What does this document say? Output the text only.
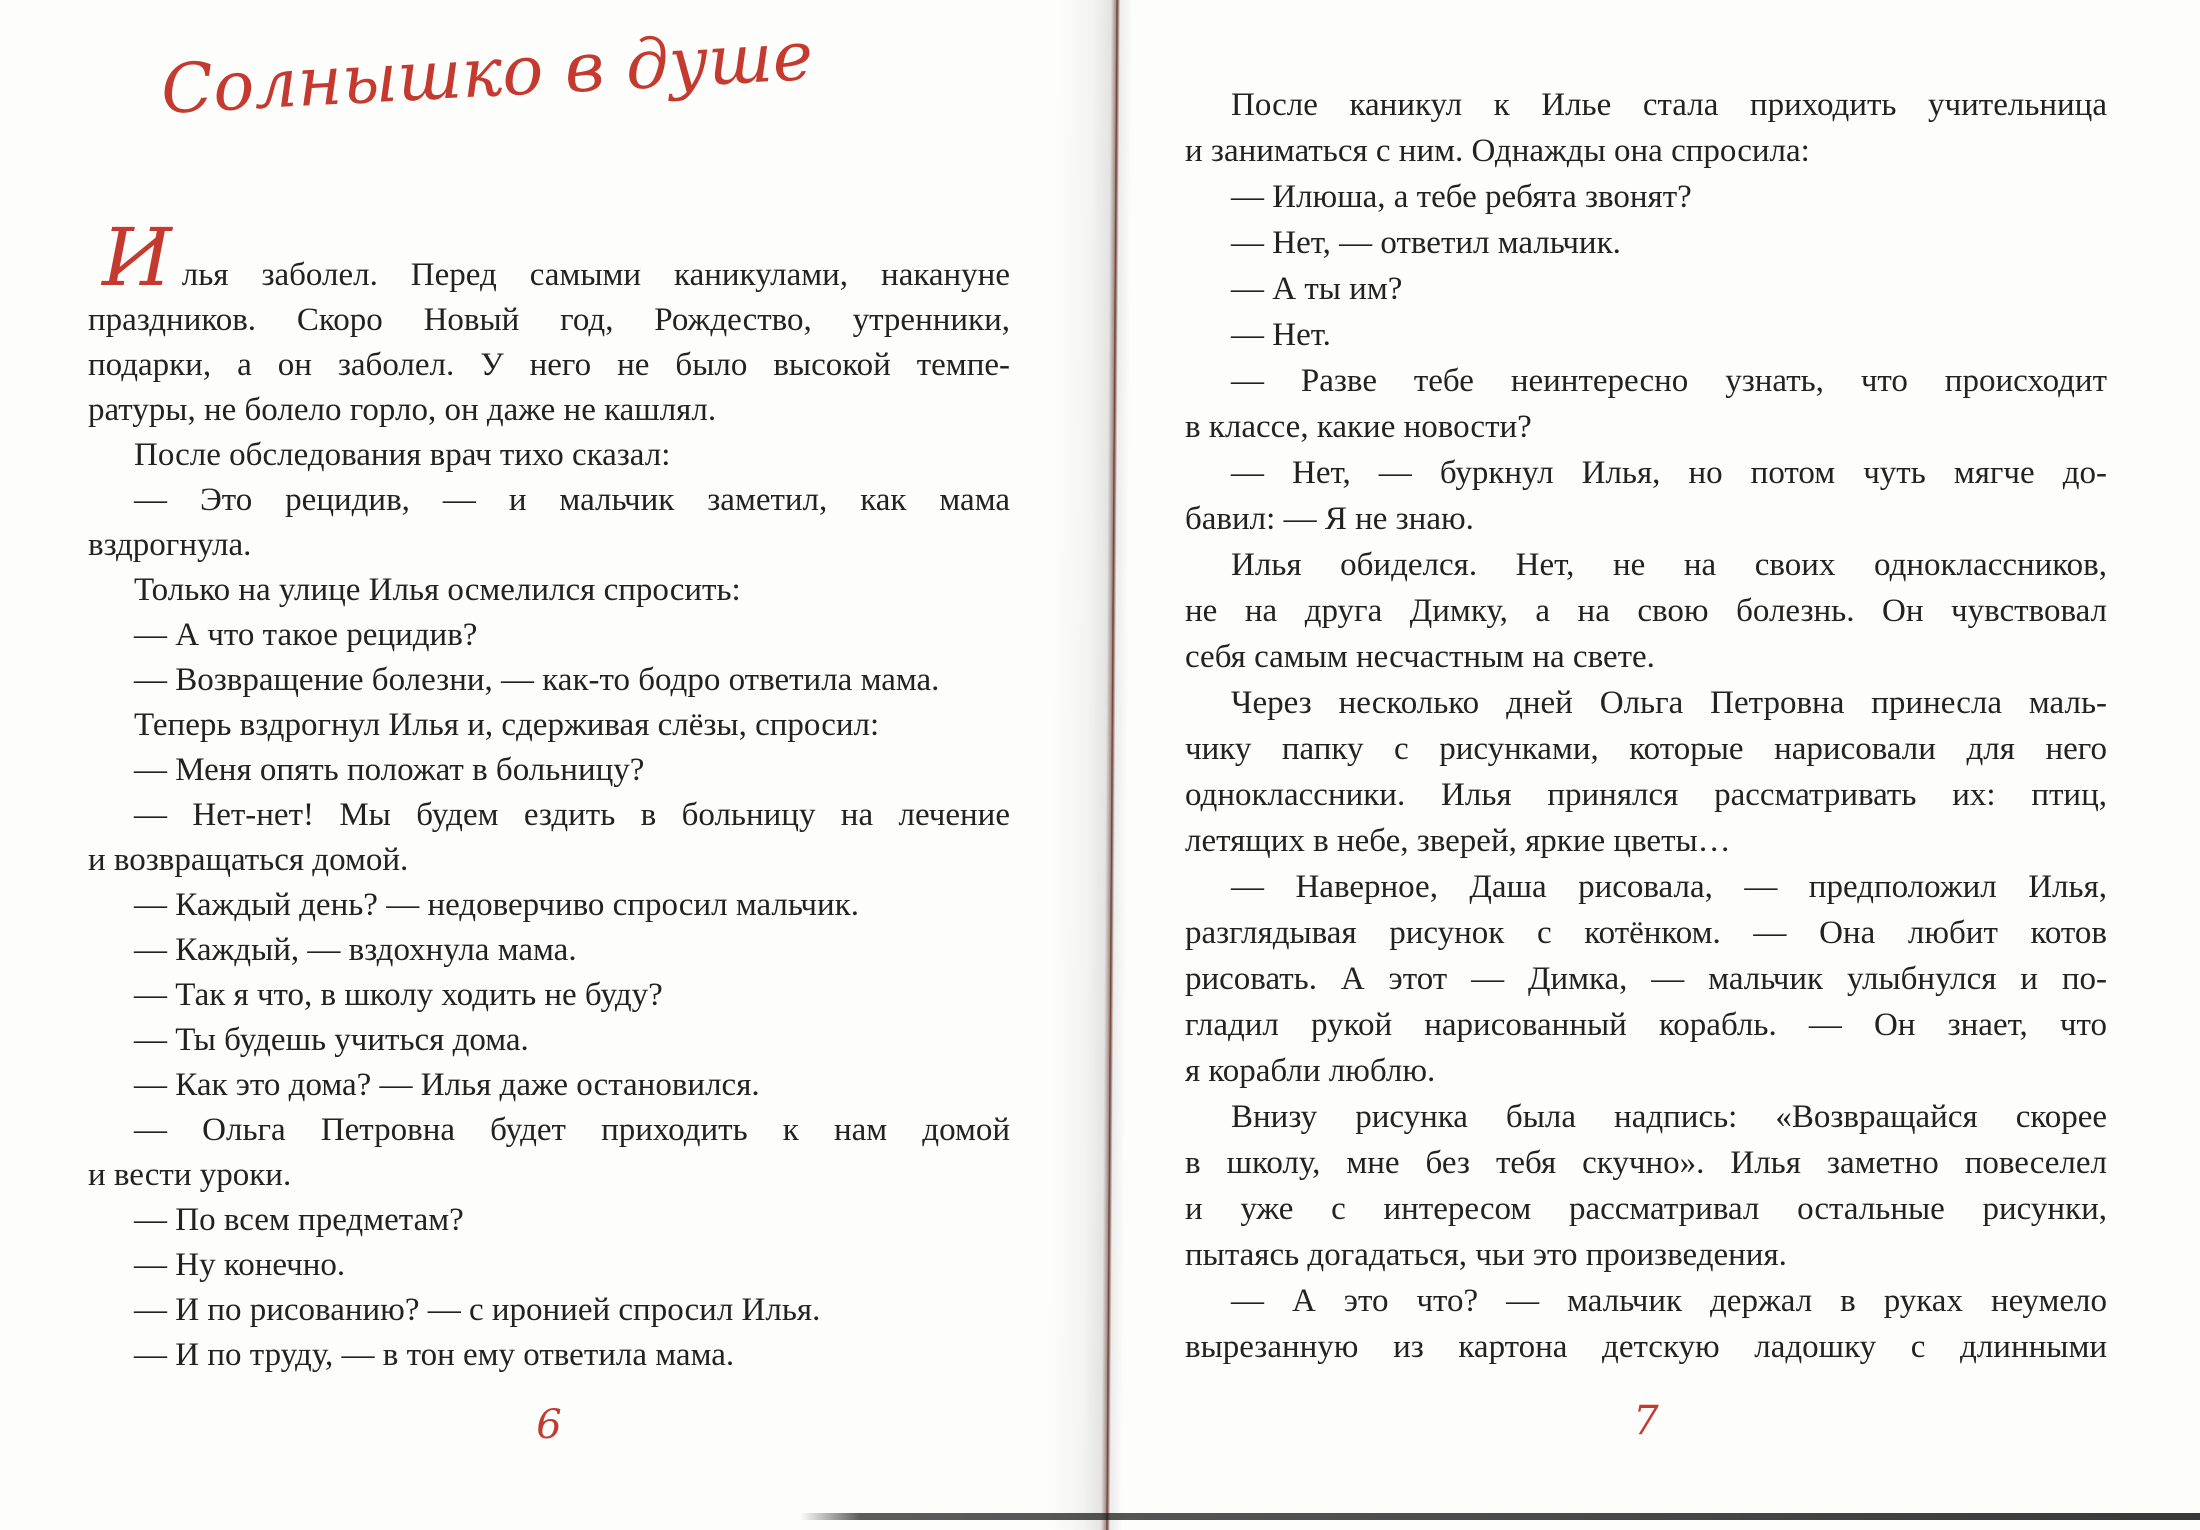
Солнышко в душе
Илья заболел. Перед самыми каникулами, накануне
праздников. Скоро Новый год, Рождество, утренники,
подарки, а он заболел. У него не было высокой темпе-
ратуры, не болело горло, он даже не кашлял.
После обследования врач тихо сказал:
— Это рецидив, — и мальчик заметил, как мама
вздрогнула.
Только на улице Илья осмелился спросить:
— А что такое рецидив?
— Возвращение болезни, — как-то бодро ответила мама.
Теперь вздрогнул Илья и, сдерживая слёзы, спросил:
— Меня опять положат в больницу?
— Нет-нет! Мы будем ездить в больницу на лечение
и возвращаться домой.
— Каждый день? — недоверчиво спросил мальчик.
— Каждый, — вздохнула мама.
— Так я что, в школу ходить не буду?
— Ты будешь учиться дома.
— Как это дома? — Илья даже остановился.
— Ольга Петровна будет приходить к нам домой
и вести уроки.
— По всем предметам?
— Ну конечно.
— И по рисованию? — с иронией спросил Илья.
— И по труду, — в тон ему ответила мама.
6
После каникул к Илье стала приходить учительница
и заниматься с ним. Однажды она спросила:
— Илюша, а тебе ребята звонят?
— Нет, — ответил мальчик.
— А ты им?
— Нет.
— Разве тебе неинтересно узнать, что происходит
в классе, какие новости?
— Нет, — буркнул Илья, но потом чуть мягче до-
бавил: — Я не знаю.
Илья обиделся. Нет, не на своих одноклассников,
не на друга Димку, а на свою болезнь. Он чувствовал
себя самым несчастным на свете.
Через несколько дней Ольга Петровна принесла маль-
чику папку с рисунками, которые нарисовали для него
одноклассники. Илья принялся рассматривать их: птиц,
летящих в небе, зверей, яркие цветы…
— Наверное, Даша рисовала, — предположил Илья,
разглядывая рисунок с котёнком. — Она любит котов
рисовать. А этот — Димка, — мальчик улыбнулся и по-
гладил рукой нарисованный корабль. — Он знает, что
я корабли люблю.
Внизу рисунка была надпись: «Возвращайся скорее
в школу, мне без тебя скучно». Илья заметно повеселел
и уже с интересом рассматривал остальные рисунки,
пытаясь догадаться, чьи это произведения.
— А это что? — мальчик держал в руках неумело
вырезанную из картона детскую ладошку с длинными
7
